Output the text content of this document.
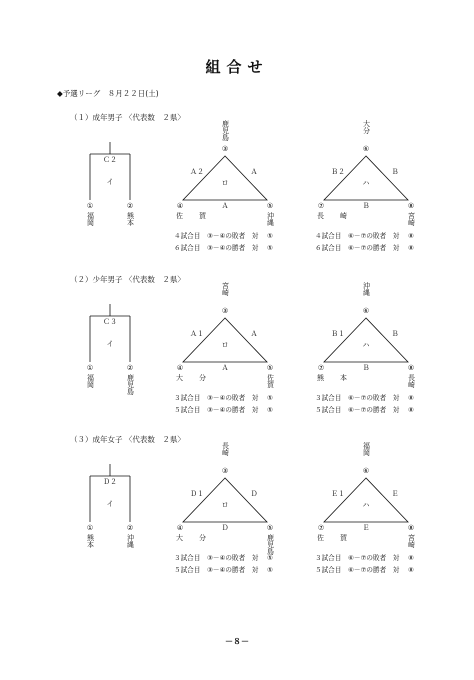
組合せ
◆予選リーグ　８月２２日(土)
（１）成年男子 〈代表数　２県〉
Ｃ２
イ
①
福岡
②
熊本
鹿児島
③
ロ
Ａ２	Ａ
Ａ
④
佐賀
⑤
沖縄
４試合目　③－④の敗者　対 ⑤
６試合目　③－④の勝者　対 ⑤
大分
⑥
ハ
Ｂ２	Ｂ
Ｂ
⑦
長崎
⑧
宮崎
４試合目　⑥－⑦の敗者　対 ⑧
６試合目　⑥－⑦の勝者　対 ⑧
（２）少年男子 〈代表数　２県〉
Ｃ３
イ
①
福岡
②
鹿児島
宮崎
③
ロ
Ａ１	Ａ
Ａ
④
大分
⑤
佐賀
３試合目　③－④の敗者　対 ⑤
５試合目　③－④の勝者　対 ⑤
沖縄
⑥
ハ
Ｂ１	Ｂ
Ｂ
⑦
熊本
⑧
長崎
３試合目　⑥－⑦の敗者　対 ⑧
５試合目　⑥－⑦の勝者　対 ⑧
（３）成年女子 〈代表数　２県〉
Ｄ２
イ
①
熊本
②
沖縄
長崎
③
ロ
Ｄ１	Ｄ
Ｄ
④
大分
⑤
鹿児島
３試合目　③－④の敗者　対 ⑤
５試合目　③－④の勝者　対 ⑤
福岡
⑥
ハ
Ｅ１	Ｅ
Ｅ
⑦
佐賀
⑧
宮崎
３試合目　⑥－⑦の敗者　対 ⑧
５試合目　⑥－⑦の勝者　対 ⑧
－８－
